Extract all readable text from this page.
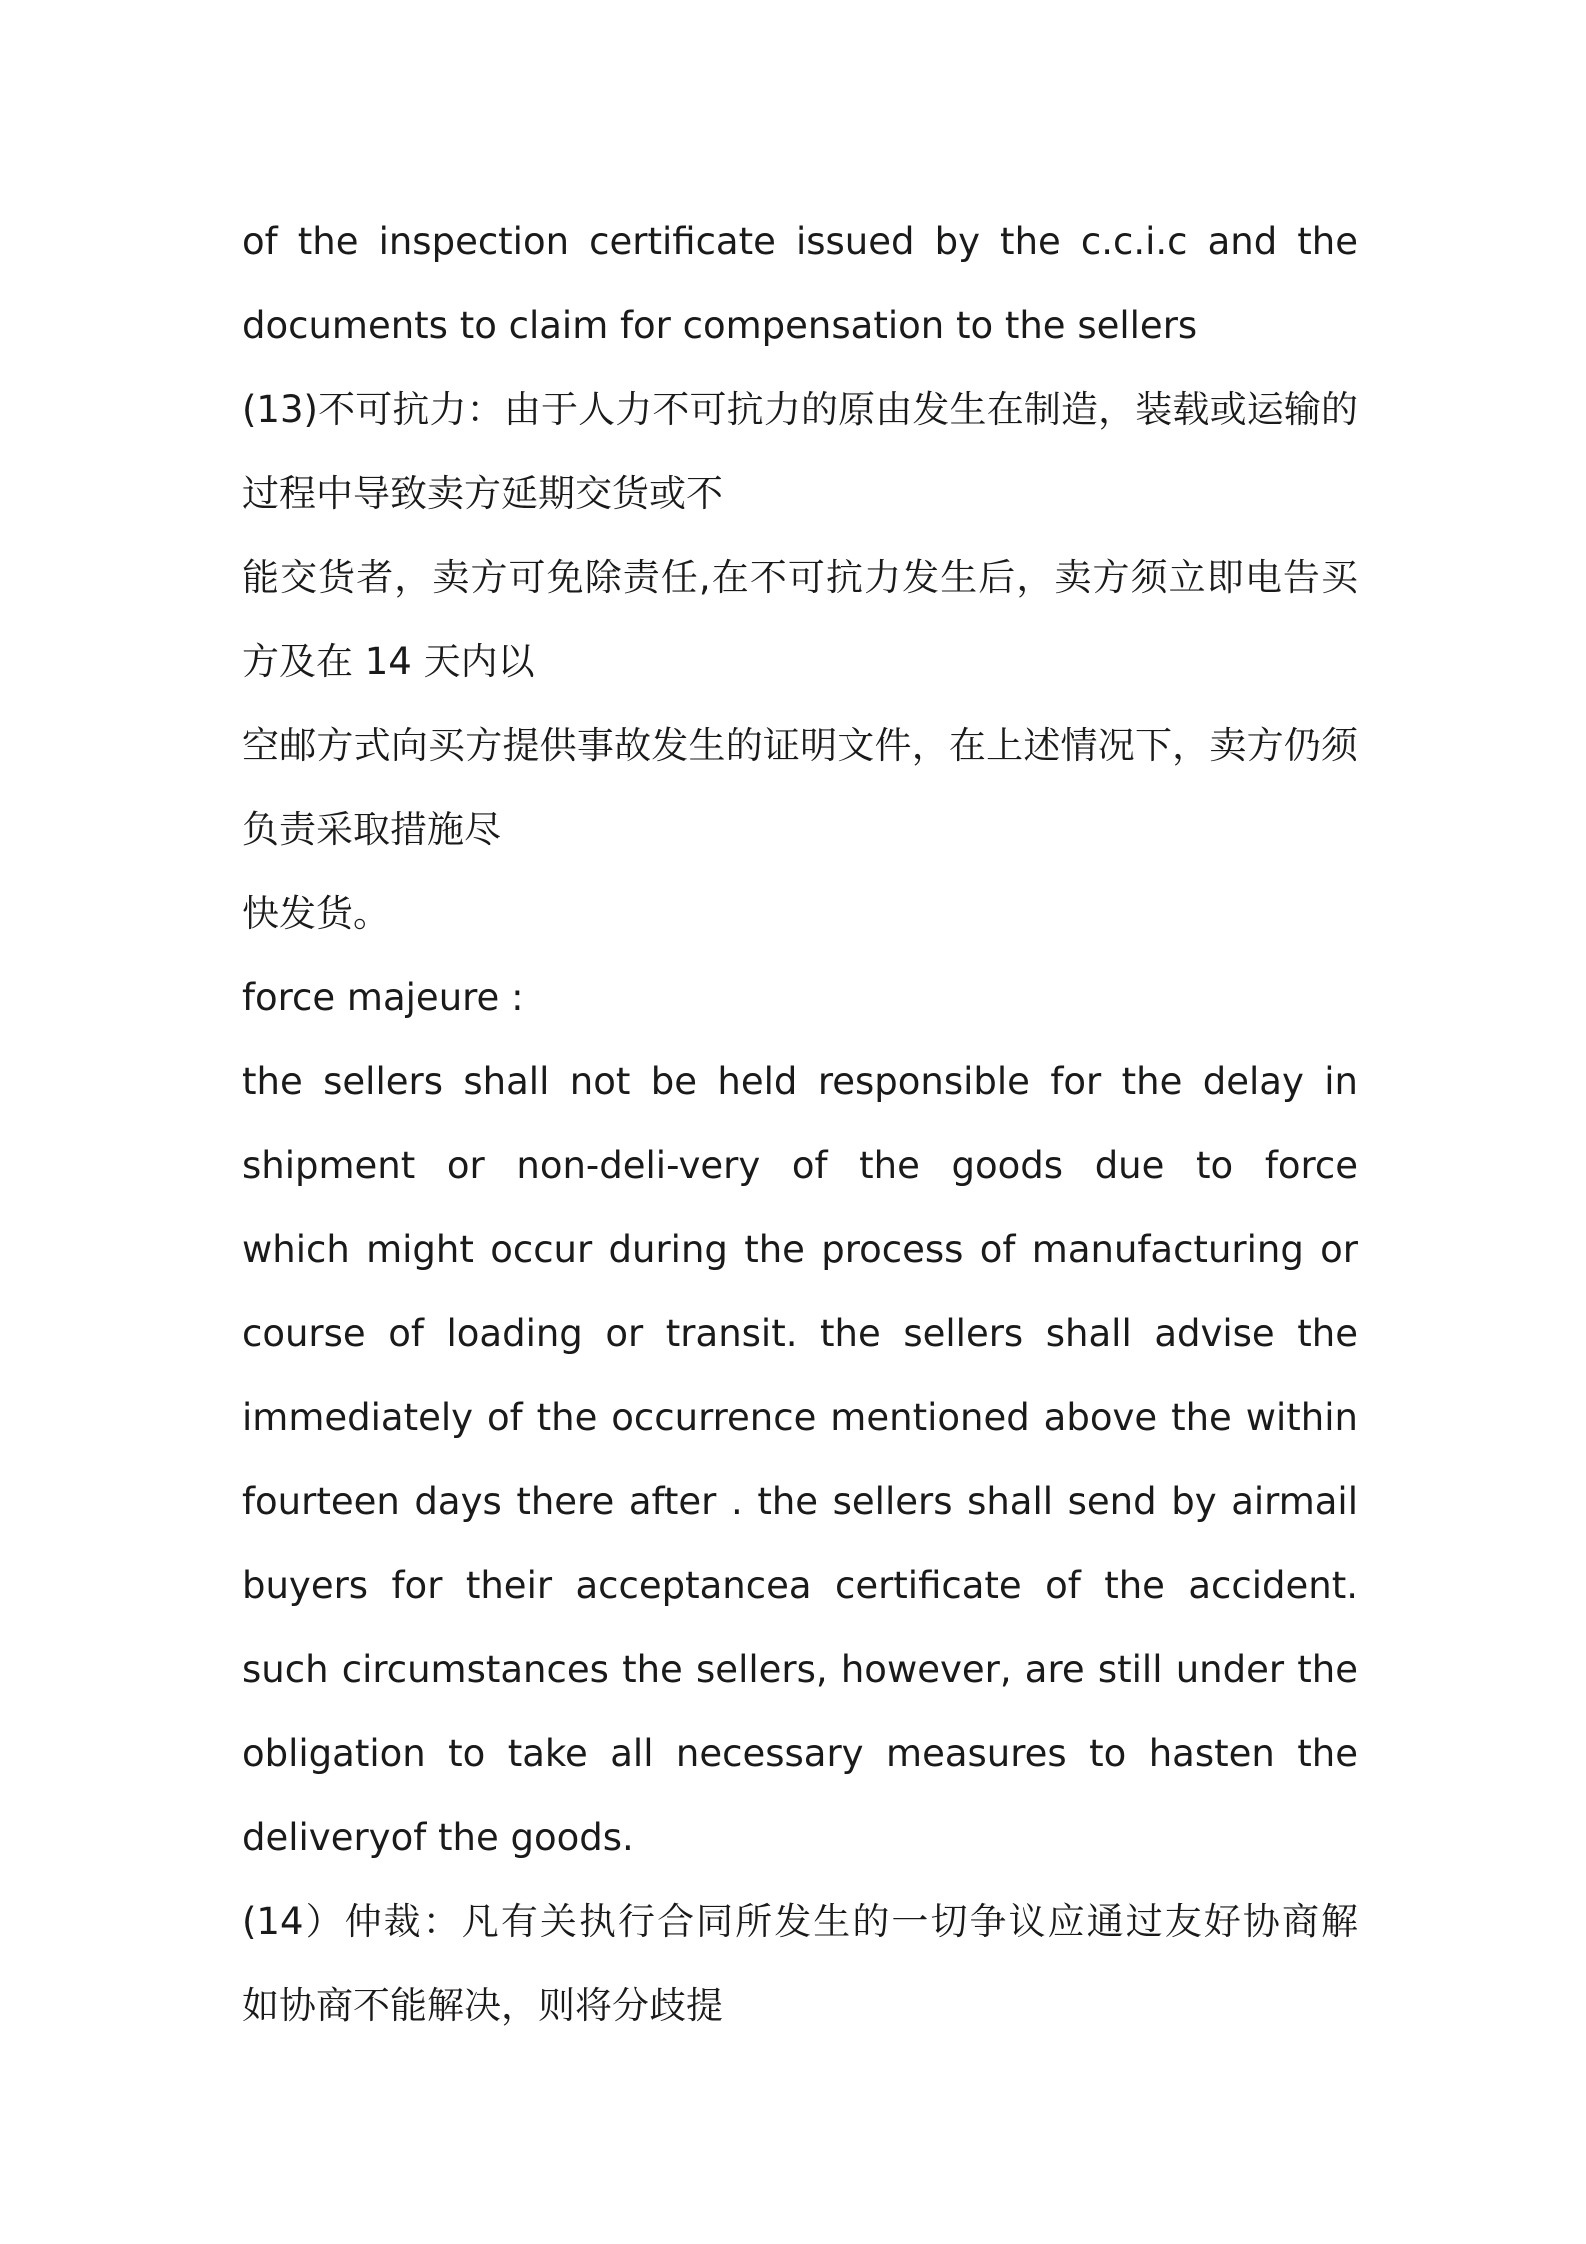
of the inspection certificate issued by the c.c.i.c and the
documents to claim for compensation to the sellers
(13)不可抗力：由于人力不可抗力的原由发生在制造，装载或运输的
过程中导致卖方延期交货或不
能交货者，卖方可免除责任,在不可抗力发生后，卖方须立即电告买
方及在 14 天内以
空邮方式向买方提供事故发生的证明文件，在上述情况下，卖方仍须
负责采取措施尽
快发货。
force majeure :
the sellers shall not be held responsible for the delay in
shipment or non-deli-very of the goods due to force
which might occur during the process of manufacturing or
course of loading or transit. the sellers shall advise the
immediately of the occurrence mentioned above the within
fourteen days there after . the sellers shall send by airmail
buyers for their acceptancea certificate of the accident.
such circumstances the sellers, however, are still under the
obligation to take all necessary measures to hasten the
deliveryof the goods.
(14）仲裁：凡有关执行合同所发生的一切争议应通过友好协商解
如协商不能解决，则将分歧提
